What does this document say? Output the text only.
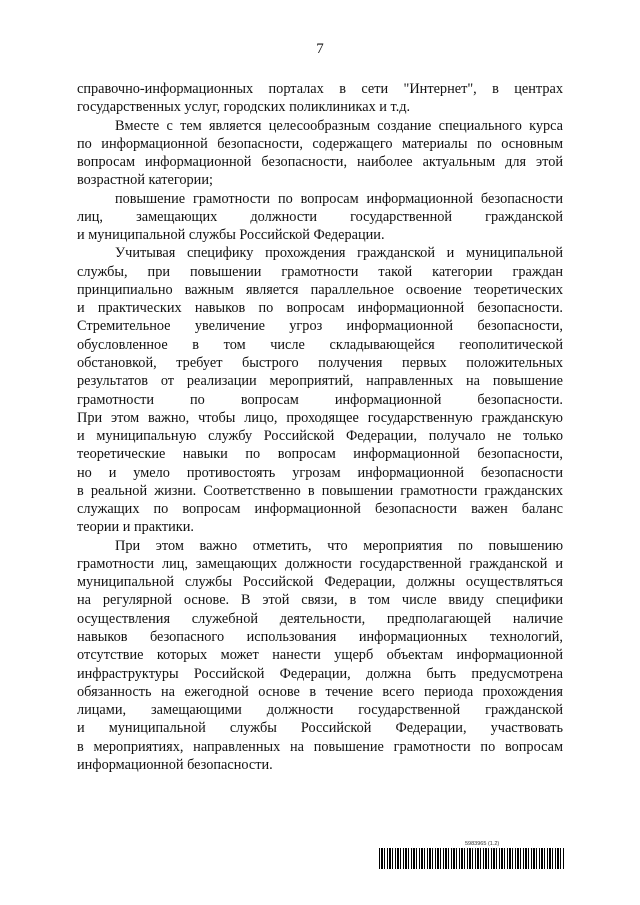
7
справочно-информационных порталах в сети "Интернет", в центрах
государственных услуг, городских поликлиниках и т.д.
Вместе с тем является целесообразным создание специального курса
по информационной безопасности, содержащего материалы по основным
вопросам информационной безопасности, наиболее актуальным для этой
возрастной категории;
повышение грамотности по вопросам информационной безопасности
лиц, замещающих должности государственной гражданской
и муниципальной службы Российской Федерации.
Учитывая специфику прохождения гражданской и муниципальной
службы, при повышении грамотности такой категории граждан
принципиально важным является параллельное освоение теоретических
и практических навыков по вопросам информационной безопасности.
Стремительное увеличение угроз информационной безопасности,
обусловленное в том числе складывающейся геополитической
обстановкой, требует быстрого получения первых положительных
результатов от реализации мероприятий, направленных на повышение
грамотности по вопросам информационной безопасности.
При этом важно, чтобы лицо, проходящее государственную гражданскую
и муниципальную службу Российской Федерации, получало не только
теоретические навыки по вопросам информационной безопасности,
но и умело противостоять угрозам информационной безопасности
в реальной жизни. Соответственно в повышении грамотности гражданских
служащих по вопросам информационной безопасности важен баланс
теории и практики.
При этом важно отметить, что мероприятия по повышению
грамотности лиц, замещающих должности государственной гражданской и
муниципальной службы Российской Федерации, должны осуществляться
на регулярной основе. В этой связи, в том числе ввиду специфики
осуществления служебной деятельности, предполагающей наличие
навыков безопасного использования информационных технологий,
отсутствие которых может нанести ущерб объектам информационной
инфраструктуры Российской Федерации, должна быть предусмотрена
обязанность на ежегодной основе в течение всего периода прохождения
лицами, замещающими должности государственной гражданской
и муниципальной службы Российской Федерации, участвовать
в мероприятиях, направленных на повышение грамотности по вопросам
информационной безопасности.
5983965 (1.2)
